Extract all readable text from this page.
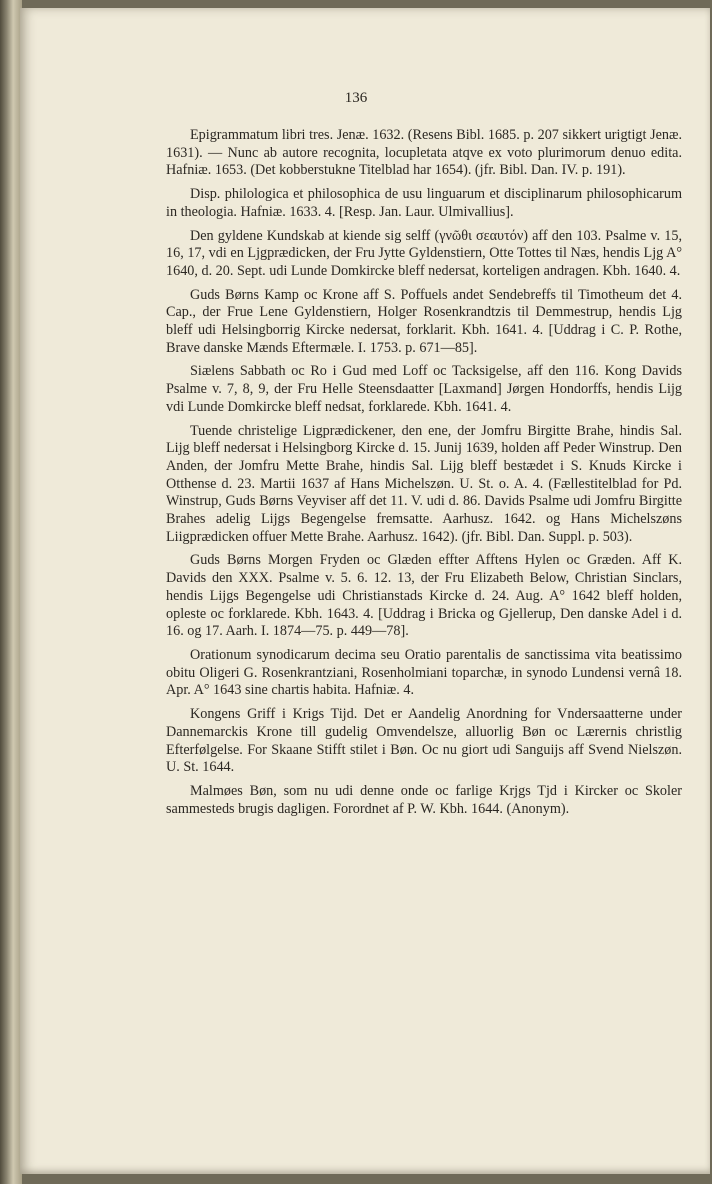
136

Epigrammatum libri tres. Jenæ. 1632. (Resens Bibl. 1685. p. 207 sikkert urigtigt Jenæ. 1631). — Nunc ab autore recognita, locupletata atqve ex voto plurimorum denuo edita. Hafniæ. 1653. (Det kobberstukne Titelblad har 1654). (jfr. Bibl. Dan. IV. p. 191).

Disp. philologica et philosophica de usu linguarum et disciplinarum philosophicarum in theologia. Hafniæ. 1633. 4. [Resp. Jan. Laur. Ulmivallius].

Den gyldene Kundskab at kiende sig selff (γνῶθι σεαυτόν) aff den 103. Psalme v. 15, 16, 17, vdi en Ljgprædicken, der Fru Jytte Gyldenstiern, Otte Tottes til Næs, hendis Ljg A° 1640, d. 20. Sept. udi Lunde Domkircke bleff nedersat, korteligen andragen. Kbh. 1640. 4.

Guds Børns Kamp oc Krone aff S. Poffuels andet Sendebreffs til Timotheum det 4. Cap., der Frue Lene Gyldenstiern, Holger Rosenkrandtzis til Demmestrup, hendis Ljg bleff udi Helsingborrig Kircke nedersat, forklarit. Kbh. 1641. 4. [Uddrag i C. P. Rothe, Brave danske Mænds Eftermæle. I. 1753. p. 671—85].

Siælens Sabbath oc Ro i Gud med Loff oc Tacksigelse, aff den 116. Kong Davids Psalme v. 7, 8, 9, der Fru Helle Steensdaatter [Laxmand] Jørgen Hondorffs, hendis Lijg vdi Lunde Domkircke bleff nedsat, forklarede. Kbh. 1641. 4.

Tuende christelige Ligprædickener, den ene, der Jomfru Birgitte Brahe, hindis Sal. Lijg bleff nedersat i Helsingborg Kircke d. 15. Junij 1639, holden aff Peder Winstrup. Den Anden, der Jomfru Mette Brahe, hindis Sal. Lijg bleff bestædet i S. Knuds Kircke i Otthense d. 23. Martii 1637 af Hans Michelszøn. U. St. o. A. 4. (Fællestitelblad for Pd. Winstrup, Guds Børns Veyviser aff det 11. V. udi d. 86. Davids Psalme udi Jomfru Birgitte Brahes adelig Lijgs Begengelse fremsatte. Aarhusz. 1642. og Hans Michelszøns Liigprædicken offuer Mette Brahe. Aarhusz. 1642). (jfr. Bibl. Dan. Suppl. p. 503).

Guds Børns Morgen Fryden oc Glæden effter Afftens Hylen oc Græden. Aff K. Davids den XXX. Psalme v. 5. 6. 12. 13, der Fru Elizabeth Below, Christian Sinclars, hendis Lijgs Begengelse udi Christianstads Kircke d. 24. Aug. A° 1642 bleff holden, opleste oc forklarede. Kbh. 1643. 4. [Uddrag i Bricka og Gjellerup, Den danske Adel i d. 16. og 17. Aarh. I. 1874—75. p. 449—78].

Orationum synodicarum decima seu Oratio parentalis de sanctissima vita beatissimo obitu Oligeri G. Rosenkrantziani, Rosenholmiani toparchæ, in synodo Lundensi vernâ 18. Apr. A° 1643 sine chartis habita. Hafniæ. 4.

Kongens Griff i Krigs Tijd. Det er Aandelig Anordning for Vndersaatterne under Dannemarckis Krone till gudelig Omvendelsze, alluorlig Bøn oc Lærernis christlig Efterfølgelse. For Skaane Stifft stilet i Bøn. Oc nu giort udi Sanguijs aff Svend Nielszøn. U. St. 1644.

Malmøes Bøn, som nu udi denne onde oc farlige Krjgs Tjd i Kircker oc Skoler sammesteds brugis dagligen. Forordnet af P. W. Kbh. 1644. (Anonym).
